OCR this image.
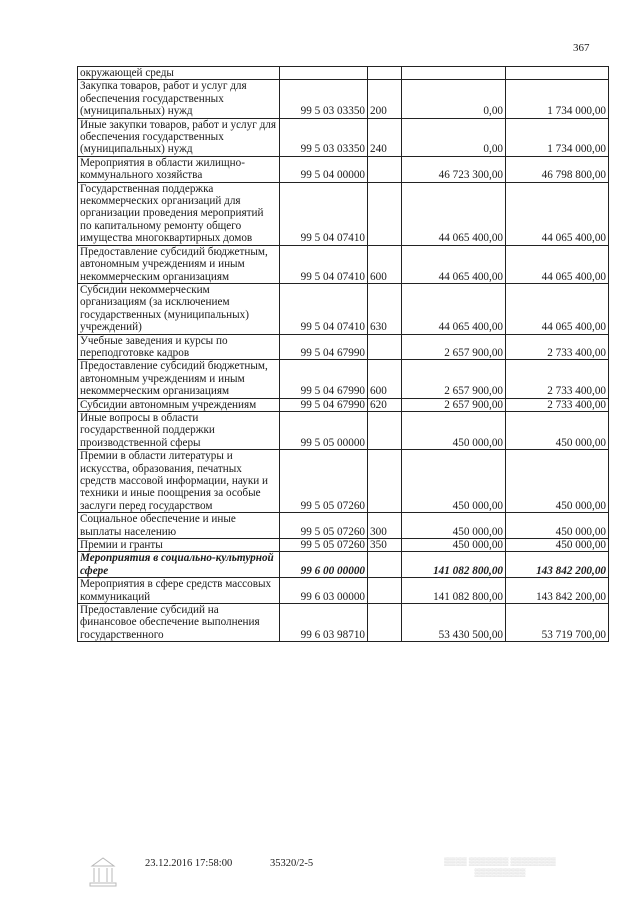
367
окружающей среды				
Закупка товаров, работ и услуг для обеспечения государственных (муниципальных) нужд	99 5 03 03350	200	0,00	1 734 000,00
Иные закупки товаров, работ и услуг для обеспечения государственных (муниципальных) нужд	99 5 03 03350	240	0,00	1 734 000,00
Мероприятия в области жилищно-коммунального хозяйства	99 5 04 00000		46 723 300,00	46 798 800,00
Государственная поддержка некоммерческих организаций для организации проведения мероприятий по капитальному ремонту общего имущества многоквартирных домов	99 5 04 07410		44 065 400,00	44 065 400,00
Предоставление субсидий бюджетным, автономным учреждениям и иным некоммерческим организациям	99 5 04 07410	600	44 065 400,00	44 065 400,00
Субсидии некоммерческим организациям (за исключением государственных (муниципальных) учреждений)	99 5 04 07410	630	44 065 400,00	44 065 400,00
Учебные заведения и курсы по переподготовке кадров	99 5 04 67990		2 657 900,00	2 733 400,00
Предоставление субсидий бюджетным, автономным учреждениям и иным некоммерческим организациям	99 5 04 67990	600	2 657 900,00	2 733 400,00
Субсидии автономным учреждениям	99 5 04 67990	620	2 657 900,00	2 733 400,00
Иные вопросы в области государственной поддержки производственной сферы	99 5 05 00000		450 000,00	450 000,00
Премии в области литературы и искусства, образования, печатных средств массовой информации, науки и техники и иные поощрения за особые заслуги перед государством	99 5 05 07260		450 000,00	450 000,00
Социальное обеспечение и иные выплаты населению	99 5 05 07260	300	450 000,00	450 000,00
Премии и гранты	99 5 05 07260	350	450 000,00	450 000,00
Мероприятия в социально-культурной сфере	99 6 00 00000		141 082 800,00	143 842 200,00
Мероприятия в сфере средств массовых коммуникаций	99 6 03 00000		141 082 800,00	143 842 200,00
Предоставление субсидий на финансовое обеспечение выполнения государственного	99 6 03 98710		53 430 500,00	53 719 700,00
23.12.2016 17:58:00	35320/2-5	▒▒▒▒ ▒▒▒▒▒▒▒ ▒▒▒▒▒▒▒▒
▒▒▒▒▒▒▒▒▒
